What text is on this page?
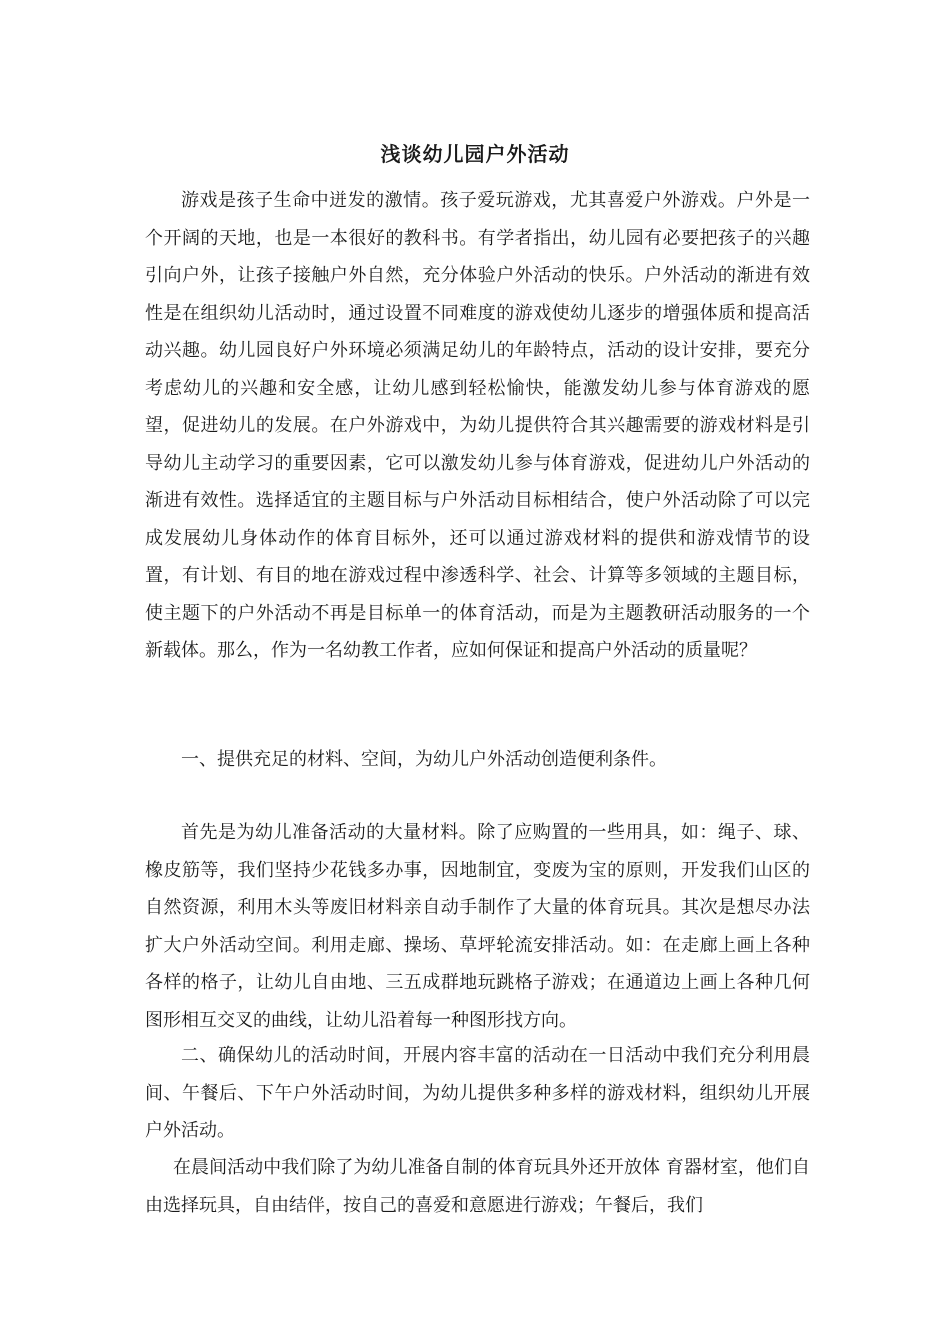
浅谈幼儿园户外活动

游戏是孩子生命中迸发的激情。孩子爱玩游戏，尤其喜爱户外游戏。户外是一个开阔的天地，也是一本很好的教科书。有学者指出，幼儿园有必要把孩子的兴趣引向户外，让孩子接触户外自然，充分体验户外活动的快乐。户外活动的渐进有效性是在组织幼儿活动时，通过设置不同难度的游戏使幼儿逐步的增强体质和提高活动兴趣。幼儿园良好户外环境必须满足幼儿的年龄特点，活动的设计安排，要充分考虑幼儿的兴趣和安全感，让幼儿感到轻松愉快，能激发幼儿参与体育游戏的愿望，促进幼儿的发展。在户外游戏中，为幼儿提供符合其兴趣需要的游戏材料是引导幼儿主动学习的重要因素，它可以激发幼儿参与体育游戏，促进幼儿户外活动的渐进有效性。选择适宜的主题目标与户外活动目标相结合，使户外活动除了可以完成发展幼儿身体动作的体育目标外，还可以通过游戏材料的提供和游戏情节的设置，有计划、有目的地在游戏过程中渗透科学、社会、计算等多领域的主题目标，使主题下的户外活动不再是目标单一的体育活动，而是为主题教研活动服务的一个新载体。那么，作为一名幼教工作者，应如何保证和提高户外活动的质量呢？

一、提供充足的材料、空间，为幼儿户外活动创造便利条件。

首先是为幼儿准备活动的大量材料。除了应购置的一些用具，如：绳子、球、橡皮筋等，我们坚持少花钱多办事，因地制宜，变废为宝的原则，开发我们山区的自然资源，利用木头等废旧材料亲自动手制作了大量的体育玩具。其次是想尽办法扩大户外活动空间。利用走廊、操场、草坪轮流安排活动。如：在走廊上画上各种各样的格子，让幼儿自由地、三五成群地玩跳格子游戏；在通道边上画上各种几何图形相互交叉的曲线，让幼儿沿着每一种图形找方向。

二、确保幼儿的活动时间，开展内容丰富的活动在一日活动中我们充分利用晨间、午餐后、下午户外活动时间，为幼儿提供多种多样的游戏材料，组织幼儿开展户外活动。

在晨间活动中我们除了为幼儿准备自制的体育玩具外还开放体 育器材室，他们自由选择玩具，自由结伴，按自己的喜爱和意愿进行游戏；午餐后，我们
